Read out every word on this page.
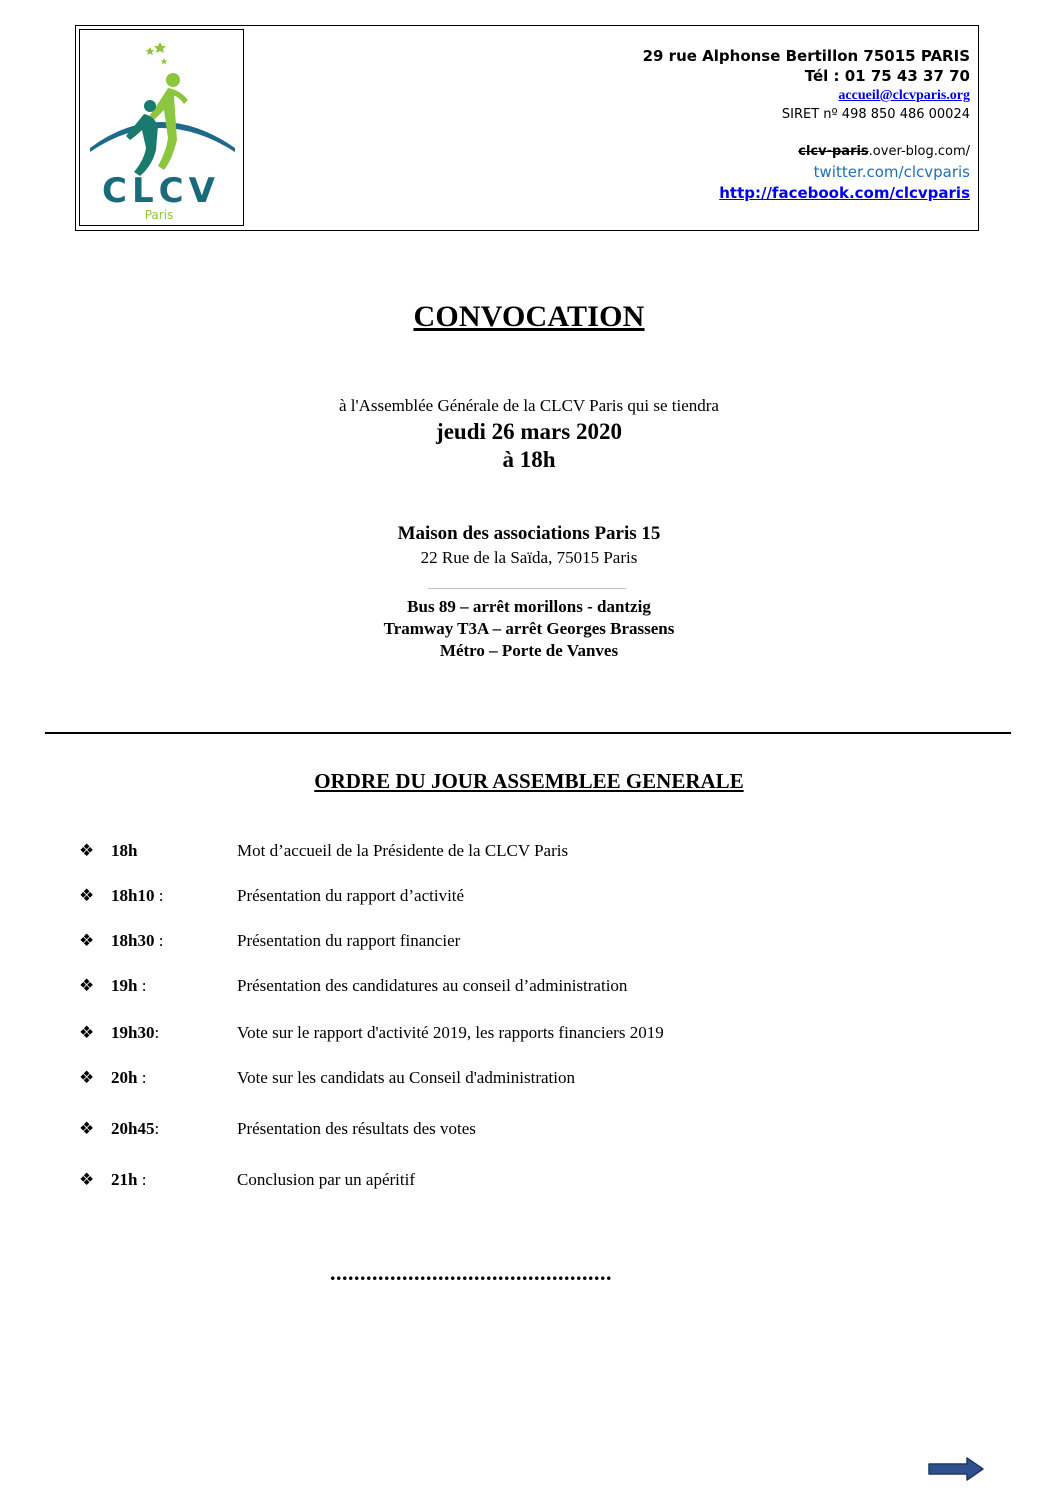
CLCV
Paris
29 rue Alphonse Bertillon 75015 PARIS
Tél : 01 75 43 37 70
accueil@clcvparis.org
SIRET nº 498 850 486 00024
clcv-paris.over-blog.com/
twitter.com/clcvparis
http://facebook.com/clcvparis
CONVOCATION
à l'Assemblée Générale de la CLCV Paris qui se tiendra
jeudi 26 mars 2020
à 18h
Maison des associations Paris 15
22 Rue de la Saïda, 75015 Paris
Bus 89 – arrêt morillons - dantzig
Tramway T3A – arrêt Georges Brassens
Métro – Porte de Vanves
ORDRE DU JOUR ASSEMBLEE GENERALE
❖ 18h	Mot d’accueil de la Présidente de la CLCV Paris
❖ 18h10 :	Présentation du rapport d’activité
❖ 18h30 :	Présentation du rapport financier
❖ 19h :	Présentation des candidatures au conseil d’administration
❖ 19h30:	Vote sur le rapport d'activité 2019, les rapports financiers 2019
❖ 20h :	Vote sur les candidats au Conseil d'administration
❖ 20h45:	Présentation des résultats des votes
❖ 21h :	Conclusion par un apéritif
...............................................
